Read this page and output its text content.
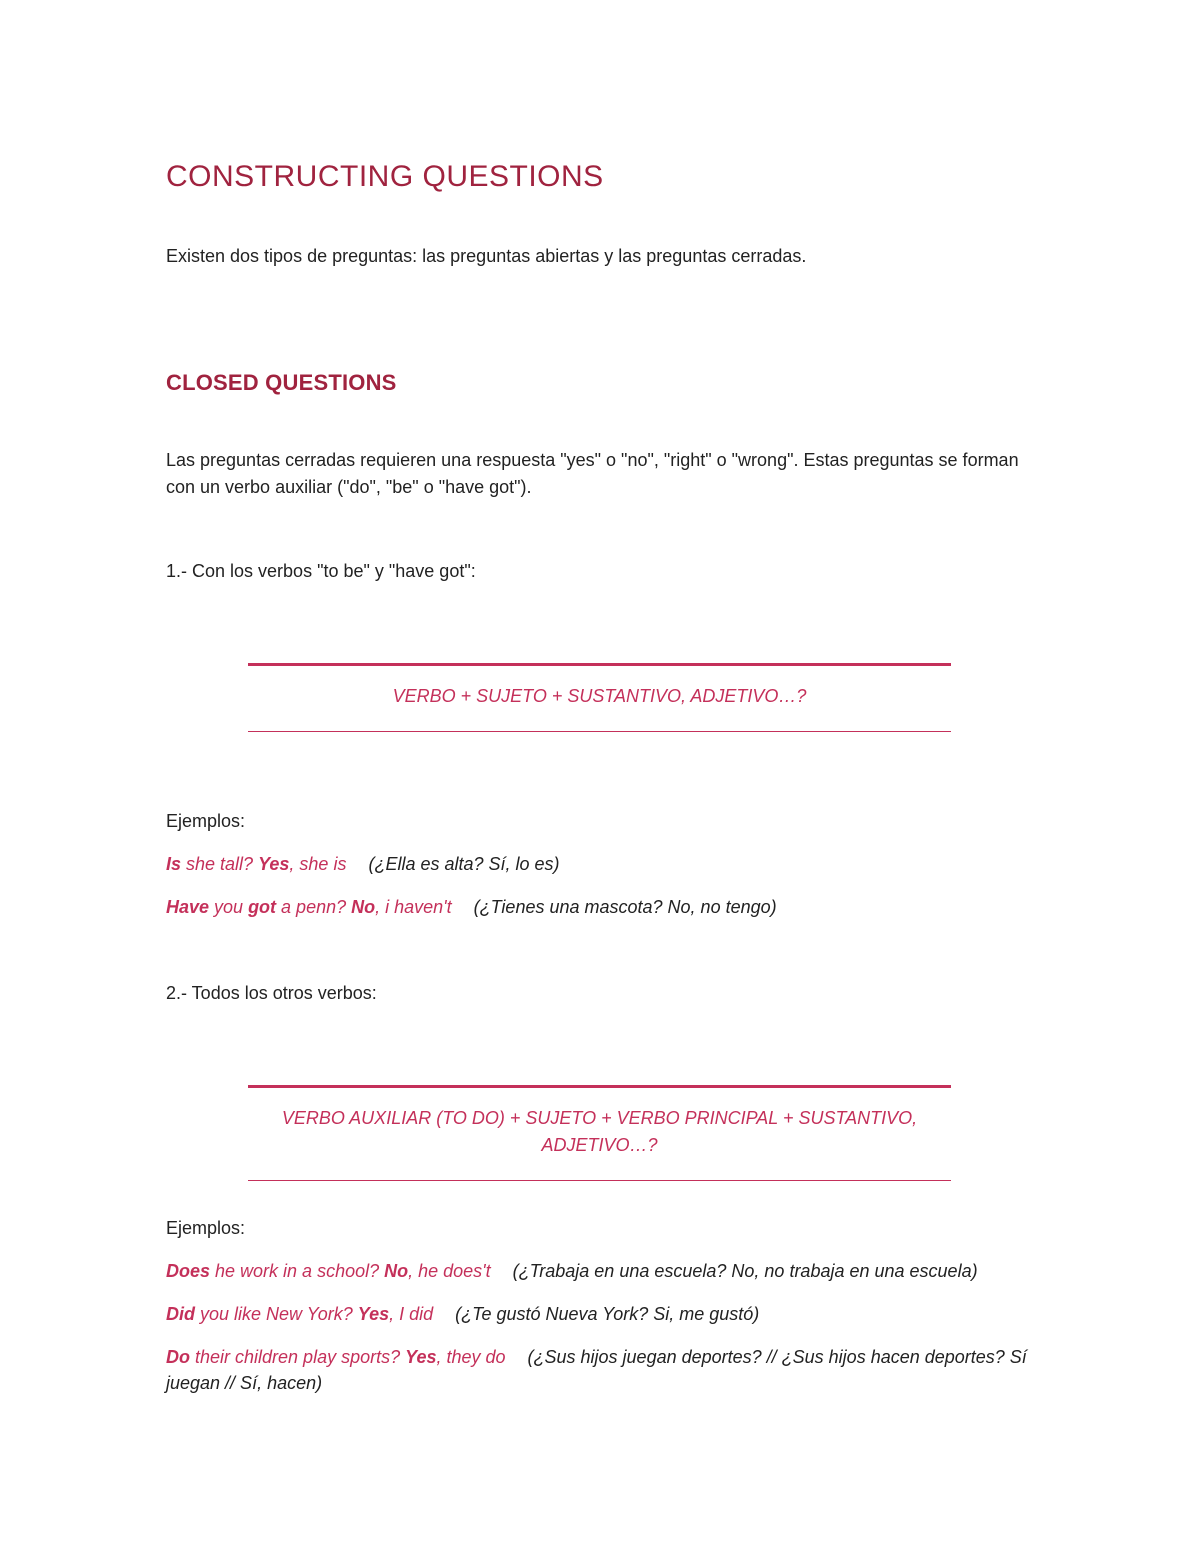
CONSTRUCTING QUESTIONS
Existen dos tipos de preguntas: las preguntas abiertas y las preguntas cerradas.
CLOSED QUESTIONS
Las preguntas cerradas requieren una respuesta "yes" o "no", "right" o "wrong". Estas preguntas se forman con un verbo auxiliar ("do", "be" o "have got").
1.- Con los verbos "to be" y "have got":
VERBO + SUJETO + SUSTANTIVO, ADJETIVO…?
Ejemplos:
Is she tall? Yes, she is (¿Ella es alta? Sí, lo es)
Have you got a penn? No, i haven't (¿Tienes una mascota? No, no tengo)
2.- Todos los otros verbos:
VERBO AUXILIAR (TO DO) + SUJETO + VERBO PRINCIPAL + SUSTANTIVO,
ADJETIVO…?
Ejemplos:
Does he work in a school? No, he does't (¿Trabaja en una escuela? No, no trabaja en una escuela)
Did you like New York? Yes, I did (¿Te gustó Nueva York? Si, me gustó)
Do their children play sports? Yes, they do (¿Sus hijos juegan deportes? // ¿Sus hijos hacen deportes? Sí juegan // Sí, hacen)
